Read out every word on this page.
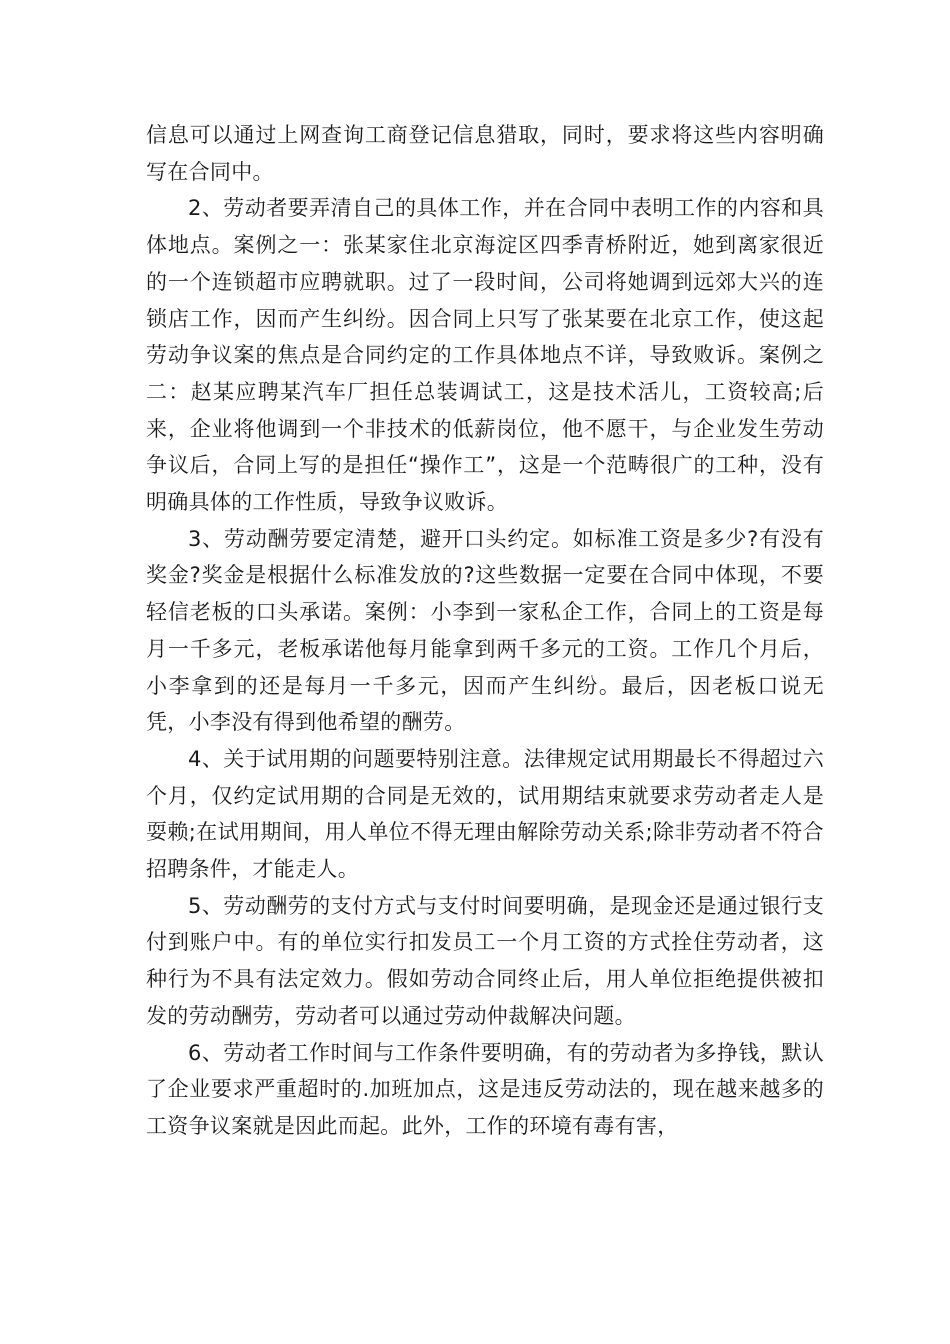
信息可以通过上网查询工商登记信息猎取，同时，要求将这些内容明确写在合同中。

2、劳动者要弄清自己的具体工作，并在合同中表明工作的内容和具体地点。案例之一：张某家住北京海淀区四季青桥附近，她到离家很近的一个连锁超市应聘就职。过了一段时间，公司将她调到远郊大兴的连锁店工作，因而产生纠纷。因合同上只写了张某要在北京工作，使这起劳动争议案的焦点是合同约定的工作具体地点不详，导致败诉。案例之二：赵某应聘某汽车厂担任总装调试工，这是技术活儿，工资较高;后来，企业将他调到一个非技术的低薪岗位，他不愿干，与企业发生劳动争议后，合同上写的是担任“操作工”，这是一个范畴很广的工种，没有明确具体的工作性质，导致争议败诉。

3、劳动酬劳要定清楚，避开口头约定。如标准工资是多少?有没有奖金?奖金是根据什么标准发放的?这些数据一定要在合同中体现，不要轻信老板的口头承诺。案例：小李到一家私企工作，合同上的工资是每月一千多元，老板承诺他每月能拿到两千多元的工资。工作几个月后，小李拿到的还是每月一千多元，因而产生纠纷。最后，因老板口说无凭，小李没有得到他希望的酬劳。

4、关于试用期的问题要特别注意。法律规定试用期最长不得超过六个月，仅约定试用期的合同是无效的，试用期结束就要求劳动者走人是耍赖;在试用期间，用人单位不得无理由解除劳动关系;除非劳动者不符合招聘条件，才能走人。

5、劳动酬劳的支付方式与支付时间要明确，是现金还是通过银行支付到账户中。有的单位实行扣发员工一个月工资的方式拴住劳动者，这种行为不具有法定效力。假如劳动合同终止后，用人单位拒绝提供被扣发的劳动酬劳，劳动者可以通过劳动仲裁解决问题。

6、劳动者工作时间与工作条件要明确，有的劳动者为多挣钱，默认了企业要求严重超时的.加班加点，这是违反劳动法的，现在越来越多的工资争议案就是因此而起。此外，工作的环境有毒有害，
